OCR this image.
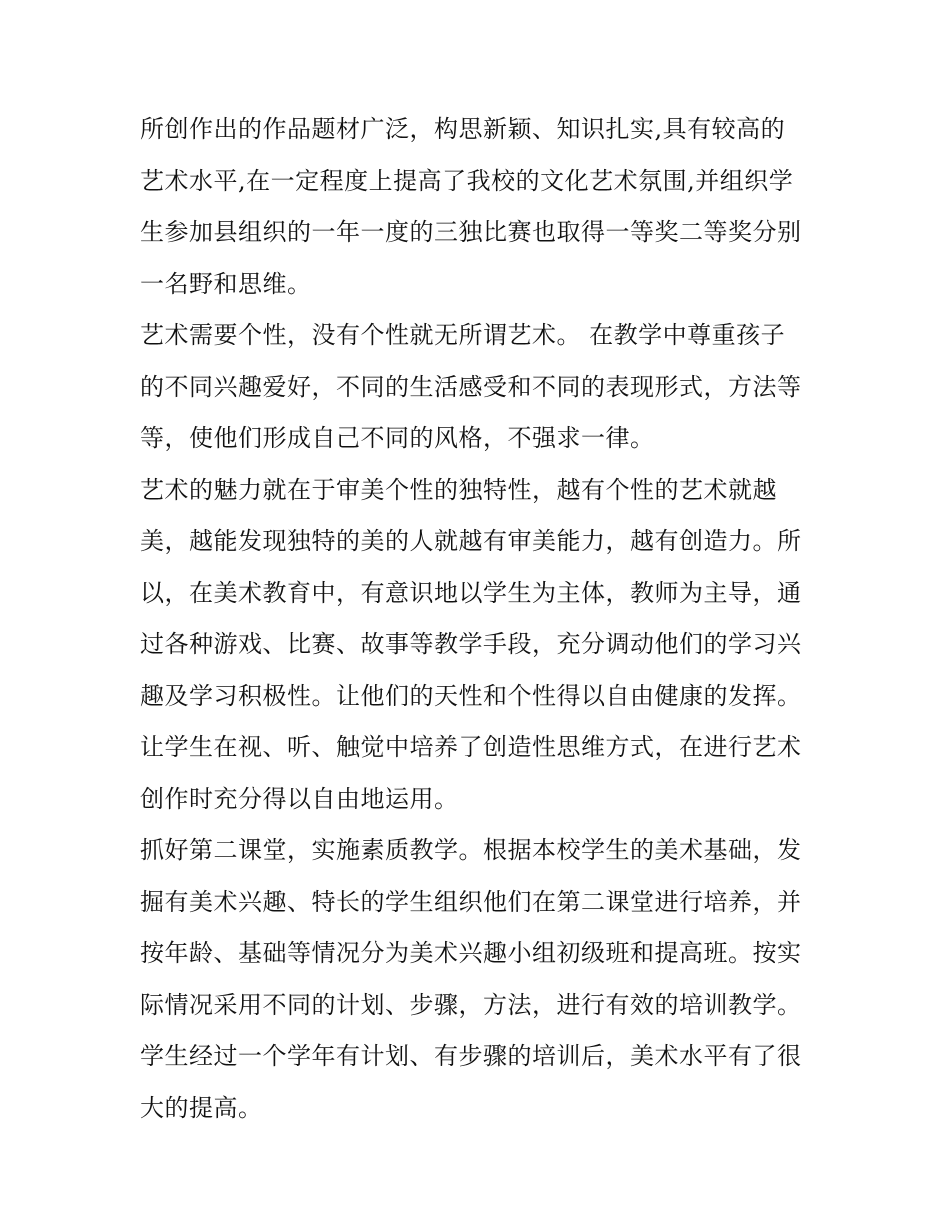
所创作出的作品题材广泛，构思新颖、知识扎实,具有较高的
艺术水平,在一定程度上提高了我校的文化艺术氛围,并组织学
生参加县组织的一年一度的三独比赛也取得一等奖二等奖分别
一名野和思维。
艺术需要个性，没有个性就无所谓艺术。 在教学中尊重孩子
的不同兴趣爱好，不同的生活感受和不同的表现形式，方法等
等，使他们形成自己不同的风格，不强求一律。
艺术的魅力就在于审美个性的独特性，越有个性的艺术就越
美，越能发现独特的美的人就越有审美能力，越有创造力。所
以，在美术教育中，有意识地以学生为主体，教师为主导，通
过各种游戏、比赛、故事等教学手段，充分调动他们的学习兴
趣及学习积极性。让他们的天性和个性得以自由健康的发挥。
让学生在视、听、触觉中培养了创造性思维方式，在进行艺术
创作时充分得以自由地运用。
抓好第二课堂，实施素质教学。根据本校学生的美术基础，发
掘有美术兴趣、特长的学生组织他们在第二课堂进行培养，并
按年龄、基础等情况分为美术兴趣小组初级班和提高班。按实
际情况采用不同的计划、步骤，方法，进行有效的培训教学。
学生经过一个学年有计划、有步骤的培训后，美术水平有了很
大的提高。
